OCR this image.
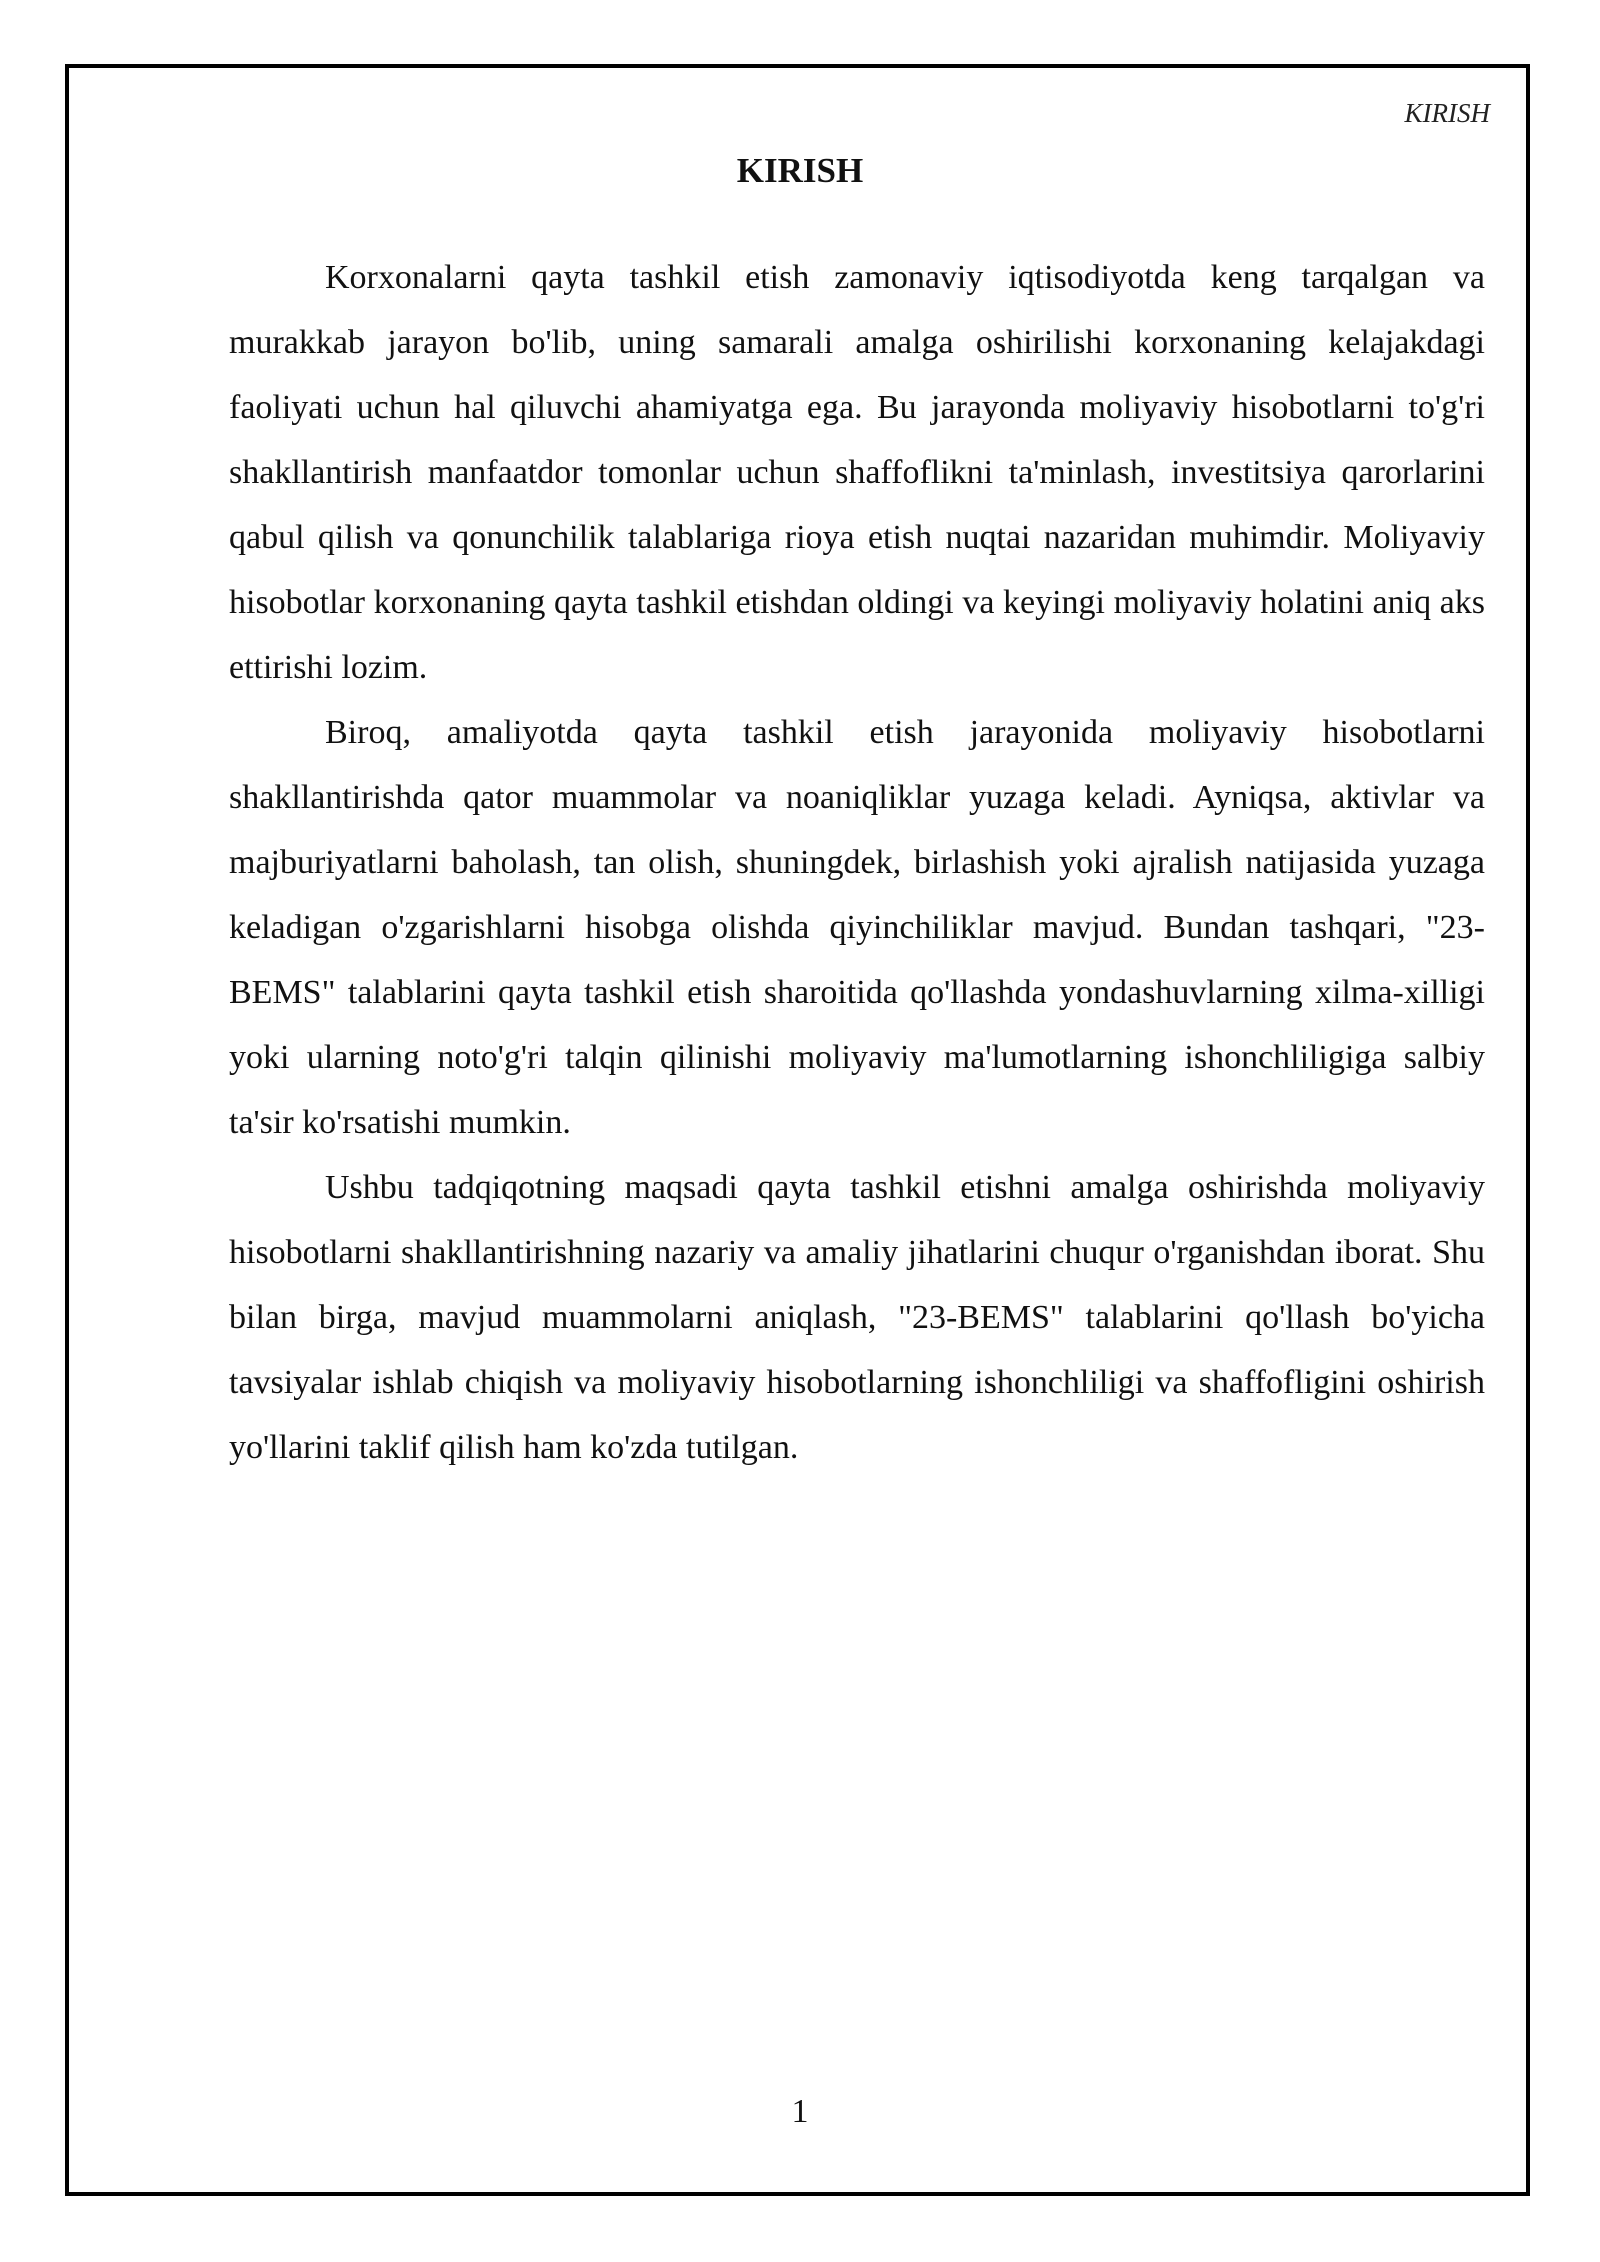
KIRISH
KIRISH

Korxonalarni qayta tashkil etish zamonaviy iqtisodiyotda keng tarqalgan va murakkab jarayon bo'lib, uning samarali amalga oshirilishi korxonaning kelajakdagi faoliyati uchun hal qiluvchi ahamiyatga ega. Bu jarayonda moliyaviy hisobotlarni to'g'ri shakllantirish manfaatdor tomonlar uchun shaffoflikni ta'minlash, investitsiya qarorlarini qabul qilish va qonunchilik talablariga rioya etish nuqtai nazaridan muhimdir. Moliyaviy hisobotlar korxonaning qayta tashkil etishdan oldingi va keyingi moliyaviy holatini aniq aks ettirishi lozim.

Biroq, amaliyotda qayta tashkil etish jarayonida moliyaviy hisobotlarni shakllantirishda qator muammolar va noaniqliklar yuzaga keladi. Ayniqsa, aktivlar va majburiyatlarni baholash, tan olish, shuningdek, birlashish yoki ajralish natijasida yuzaga keladigan o'zgarishlarni hisobga olishda qiyinchiliklar mavjud. Bundan tashqari, "23-BEMS" talablarini qayta tashkil etish sharoitida qo'llashda yondashuvlarning xilma-xilligi yoki ularning noto'g'ri talqin qilinishi moliyaviy ma'lumotlarning ishonchliligiga salbiy ta'sir ko'rsatishi mumkin.

Ushbu tadqiqotning maqsadi qayta tashkil etishni amalga oshirishda moliyaviy hisobotlarni shakllantirishning nazariy va amaliy jihatlarini chuqur o'rganishdan iborat. Shu bilan birga, mavjud muammolarni aniqlash, "23-BEMS" talablarini qo'llash bo'yicha tavsiyalar ishlab chiqish va moliyaviy hisobotlarning ishonchliligi va shaffofligini oshirish yo'llarini taklif qilish ham ko'zda tutilgan.

1
